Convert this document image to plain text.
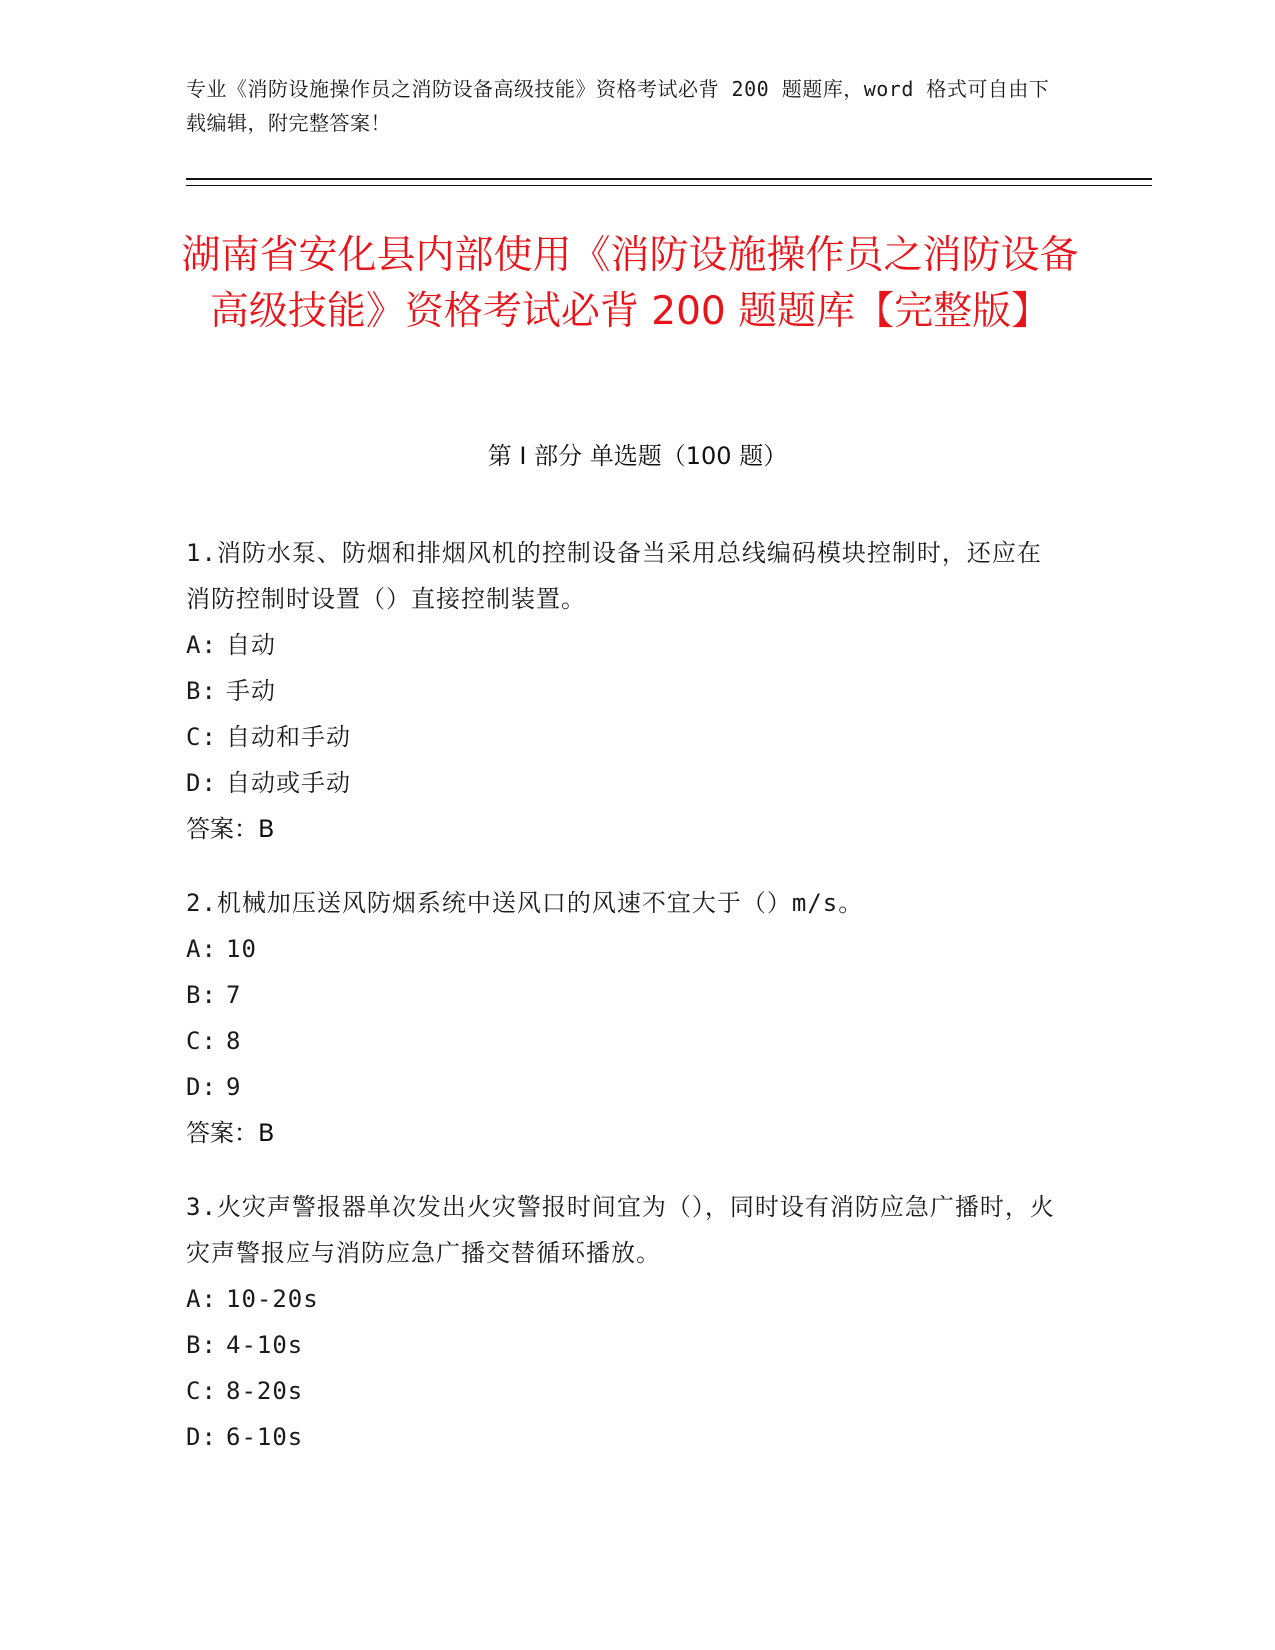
专业《消防设施操作员之消防设备高级技能》资格考试必背 200 题题库，word 格式可自由下载编辑，附完整答案！
湖南省安化县内部使用《消防设施操作员之消防设备高级技能》资格考试必背 200 题题库【完整版】
第 I 部分 单选题（100 题）
1.消防水泵、防烟和排烟风机的控制设备当采用总线编码模块控制时，还应在消防控制时设置（）直接控制装置。
A: 自动
B: 手动
C: 自动和手动
D: 自动或手动
答案：B
2.机械加压送风防烟系统中送风口的风速不宜大于（）m/s。
A: 10
B: 7
C: 8
D: 9
答案：B
3.火灾声警报器单次发出火灾警报时间宜为（），同时设有消防应急广播时，火灾声警报应与消防应急广播交替循环播放。
A: 10-20s
B: 4-10s
C: 8-20s
D: 6-10s
